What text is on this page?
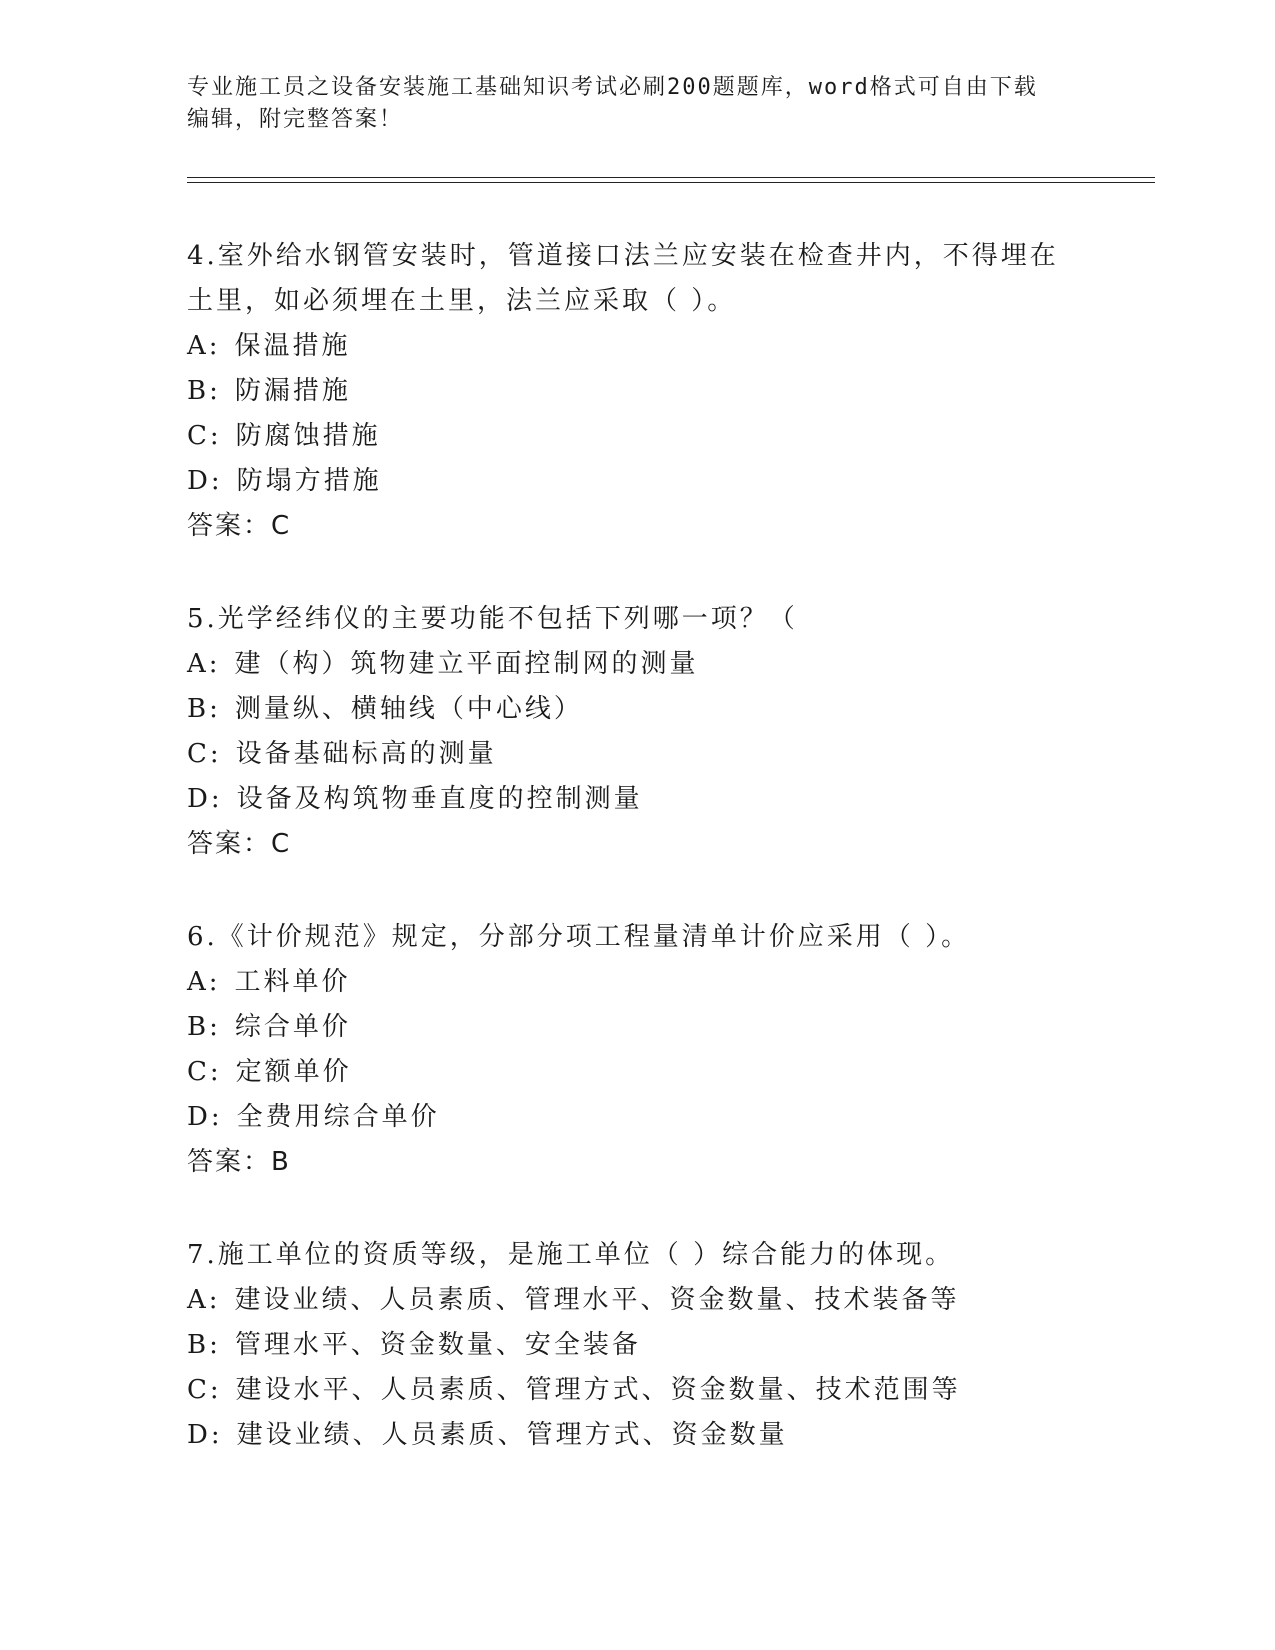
专业施工员之设备安装施工基础知识考试必刷200题题库，word格式可自由下载
编辑，附完整答案！
4.室外给水钢管安装时，管道接口法兰应安装在检查井内，不得埋在
土里，如必须埋在土里，法兰应采取（ ）。
A: 保温措施
B: 防漏措施
C: 防腐蚀措施
D: 防塌方措施
答案：C
5.光学经纬仪的主要功能不包括下列哪一项？（
A: 建（构）筑物建立平面控制网的测量
B: 测量纵、横轴线（中心线）
C: 设备基础标高的测量
D: 设备及构筑物垂直度的控制测量
答案：C
6.《计价规范》规定，分部分项工程量清单计价应采用（ ）。
A: 工料单价
B: 综合单价
C: 定额单价
D: 全费用综合单价
答案：B
7.施工单位的资质等级，是施工单位（ ）综合能力的体现。
A: 建设业绩、人员素质、管理水平、资金数量、技术装备等
B: 管理水平、资金数量、安全装备
C: 建设水平、人员素质、管理方式、资金数量、技术范围等
D: 建设业绩、人员素质、管理方式、资金数量
